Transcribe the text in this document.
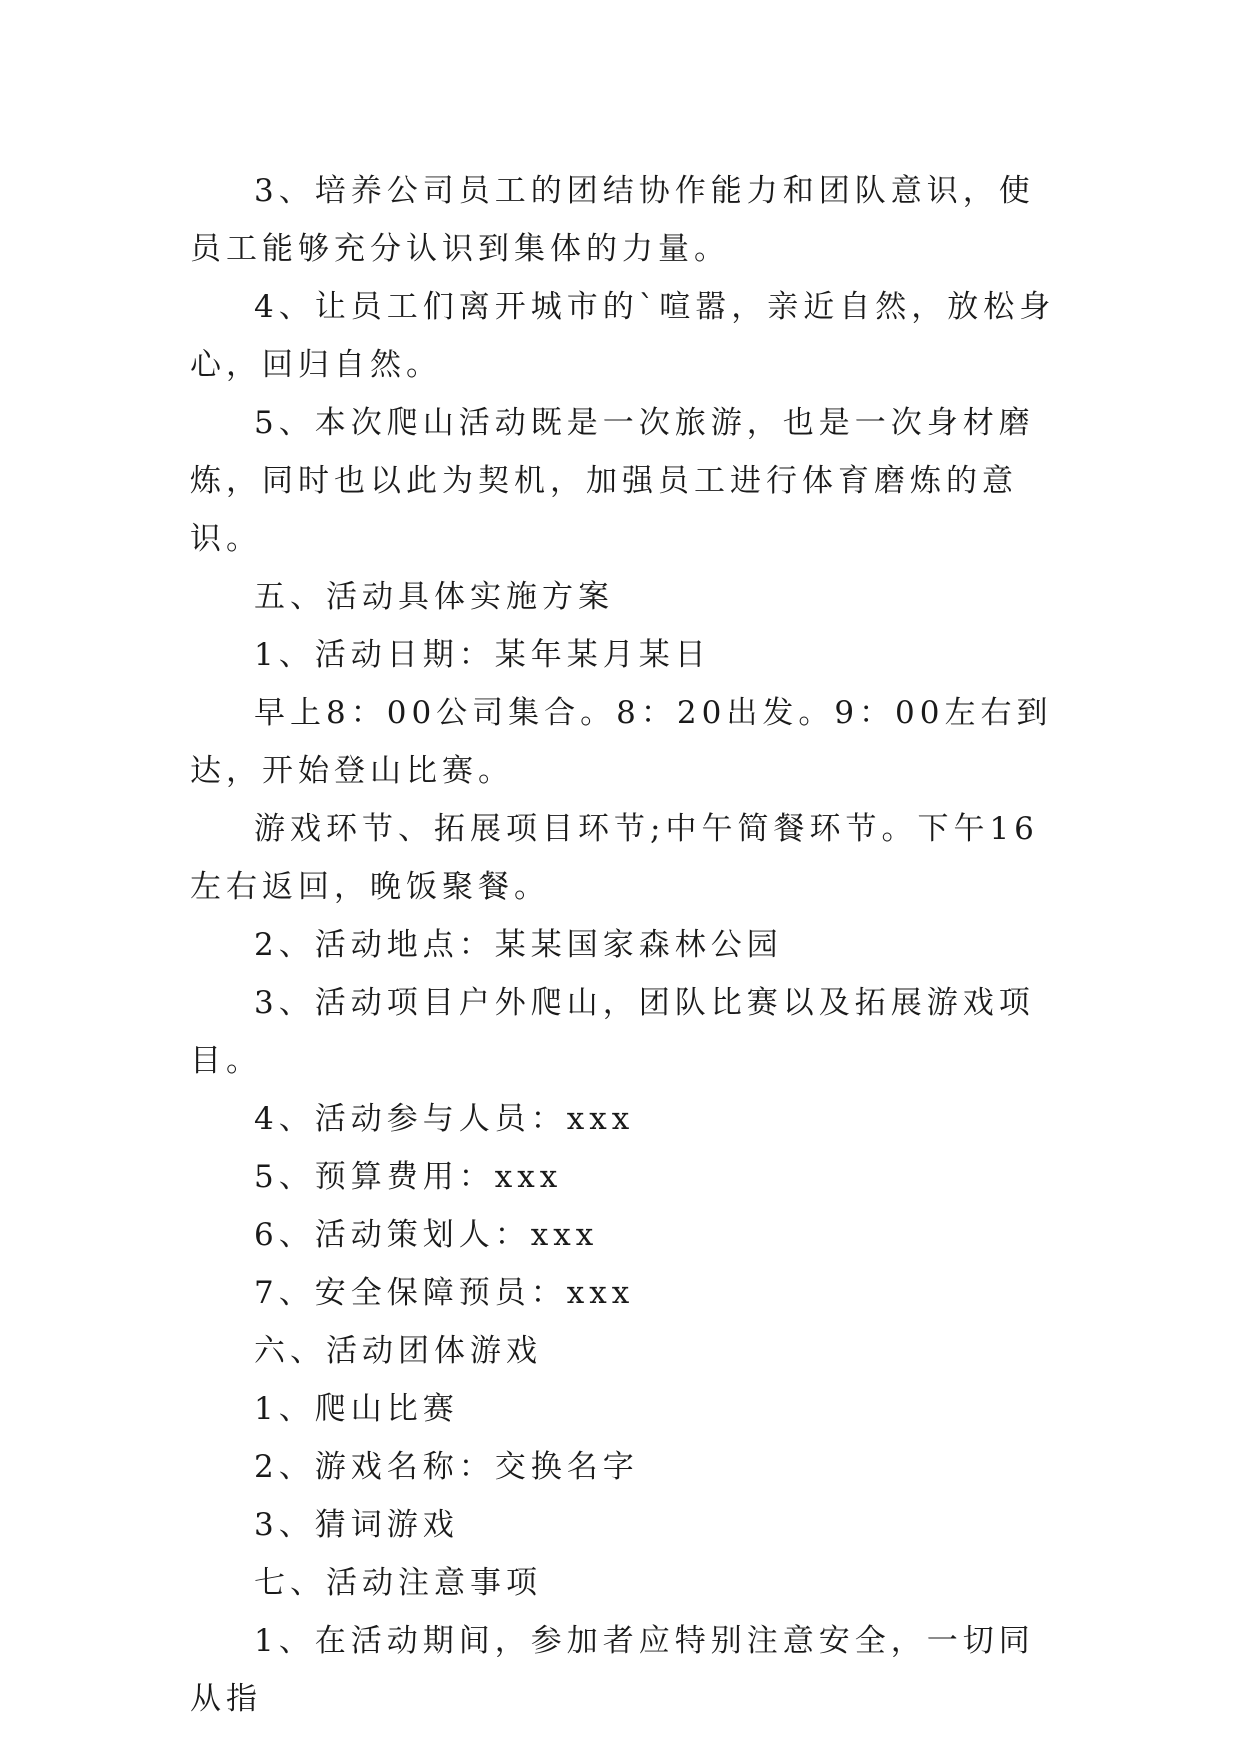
3、培养公司员工的团结协作能力和团队意识，使员工能够充分认识到集体的力量。

4、让员工们离开城市的`喧嚣，亲近自然，放松身心，回归自然。

5、本次爬山活动既是一次旅游，也是一次身材磨炼，同时也以此为契机，加强员工进行体育磨炼的意识。

五、活动具体实施方案

1、活动日期：某年某月某日

早上8：00公司集合。8：20出发。9：00左右到达，开始登山比赛。

游戏环节、拓展项目环节;中午简餐环节。下午16左右返回，晚饭聚餐。

2、活动地点：某某国家森林公园

3、活动项目户外爬山，团队比赛以及拓展游戏项目。

4、活动参与人员：xxx

5、预算费用：xxx

6、活动策划人：xxx

7、安全保障预员：xxx

六、活动团体游戏

1、爬山比赛

2、游戏名称：交换名字

3、猜词游戏

七、活动注意事项

1、在活动期间，参加者应特别注意安全，一切同从指
